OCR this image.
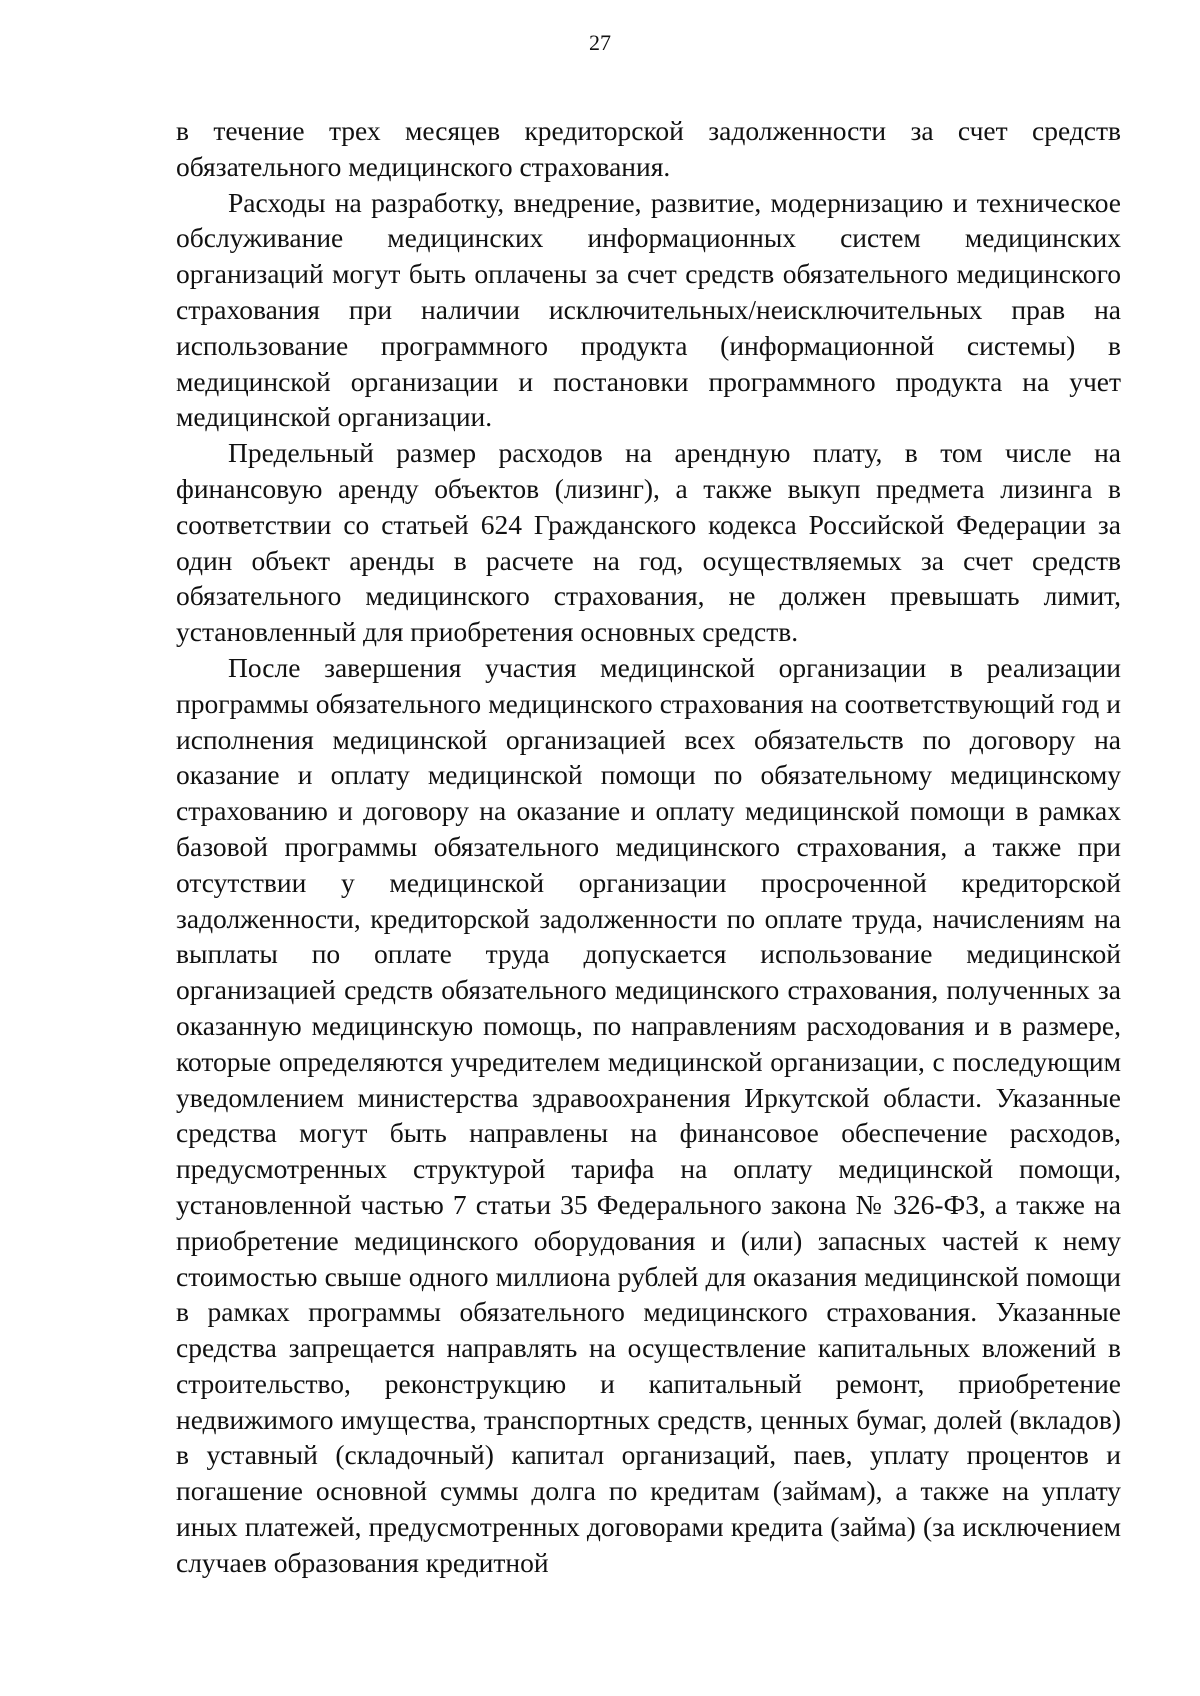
27

в течение трех месяцев кредиторской задолженности за счет средств обязательного медицинского страхования.

Расходы на разработку, внедрение, развитие, модернизацию и техническое обслуживание медицинских информационных систем медицинских организаций могут быть оплачены за счет средств обязательного медицинского страхования при наличии исключительных/неисключительных прав на использование программного продукта (информационной системы) в медицинской организации и постановки программного продукта на учет медицинской организации.

Предельный размер расходов на арендную плату, в том числе на финансовую аренду объектов (лизинг), а также выкуп предмета лизинга в соответствии со статьей 624 Гражданского кодекса Российской Федерации за один объект аренды в расчете на год, осуществляемых за счет средств обязательного медицинского страхования, не должен превышать лимит, установленный для приобретения основных средств.

После завершения участия медицинской организации в реализации программы обязательного медицинского страхования на соответствующий год и исполнения медицинской организацией всех обязательств по договору на оказание и оплату медицинской помощи по обязательному медицинскому страхованию и договору на оказание и оплату медицинской помощи в рамках базовой программы обязательного медицинского страхования, а также при отсутствии у медицинской организации просроченной кредиторской задолженности, кредиторской задолженности по оплате труда, начислениям на выплаты по оплате труда допускается использование медицинской организацией средств обязательного медицинского страхования, полученных за оказанную медицинскую помощь, по направлениям расходования и в размере, которые определяются учредителем медицинской организации, с последующим уведомлением министерства здравоохранения Иркутской области. Указанные средства могут быть направлены на финансовое обеспечение расходов, предусмотренных структурой тарифа на оплату медицинской помощи, установленной частью 7 статьи 35 Федерального закона № 326-ФЗ, а также на приобретение медицинского оборудования и (или) запасных частей к нему стоимостью свыше одного миллиона рублей для оказания медицинской помощи в рамках программы обязательного медицинского страхования. Указанные средства запрещается направлять на осуществление капитальных вложений в строительство, реконструкцию и капитальный ремонт, приобретение недвижимого имущества, транспортных средств, ценных бумаг, долей (вкладов) в уставный (складочный) капитал организаций, паев, уплату процентов и погашение основной суммы долга по кредитам (займам), а также на уплату иных платежей, предусмотренных договорами кредита (займа) (за исключением случаев образования кредитной
